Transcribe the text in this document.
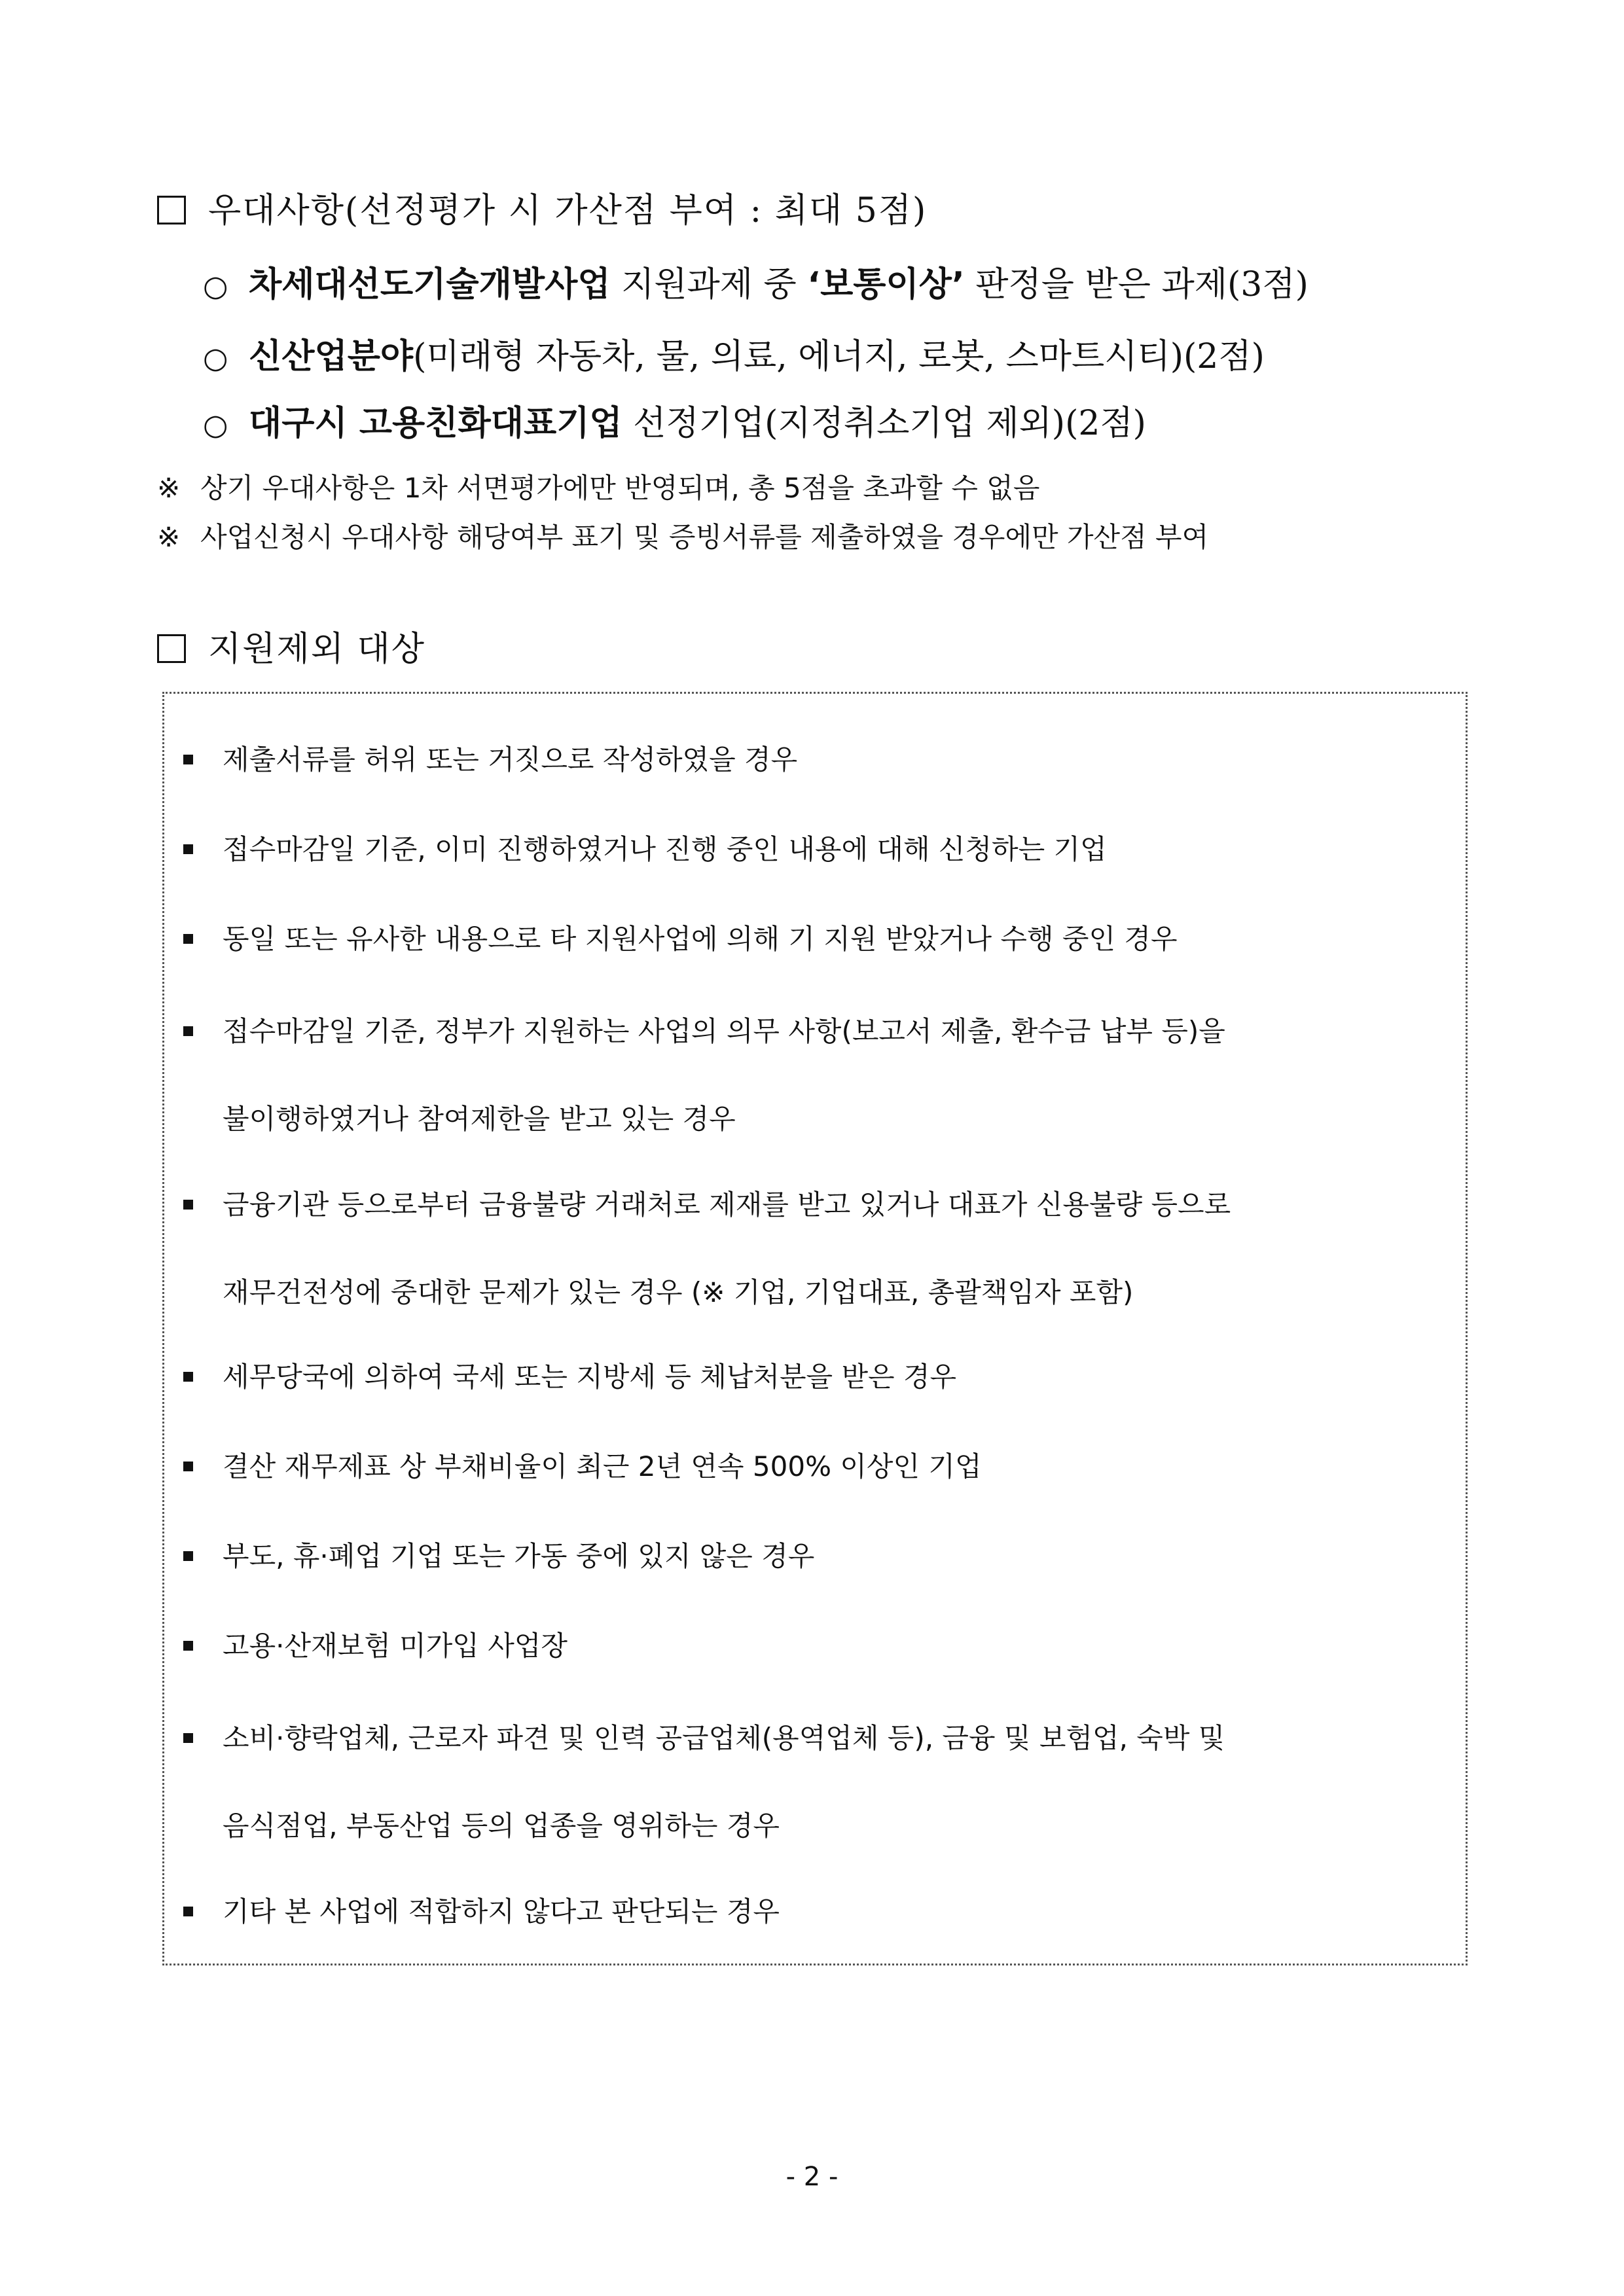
우대사항(선정평가 시 가산점 부여 : 최대 5점)
○ 차세대선도기술개발사업 지원과제 중 ‘보통이상’ 판정을 받은 과제(3점)
○ 신산업분야(미래형 자동차, 물, 의료, 에너지, 로봇, 스마트시티)(2점)
○ 대구시 고용친화대표기업 선정기업(지정취소기업 제외)(2점)
※ 상기 우대사항은 1차 서면평가에만 반영되며, 총 5점을 초과할 수 없음
※ 사업신청시 우대사항 해당여부 표기 및 증빙서류를 제출하였을 경우에만 가산점 부여
지원제외 대상
제출서류를 허위 또는 거짓으로 작성하였을 경우
접수마감일 기준, 이미 진행하였거나 진행 중인 내용에 대해 신청하는 기업
동일 또는 유사한 내용으로 타 지원사업에 의해 기 지원 받았거나 수행 중인 경우
접수마감일 기준, 정부가 지원하는 사업의 의무 사항(보고서 제출, 환수금 납부 등)을
불이행하였거나 참여제한을 받고 있는 경우
금융기관 등으로부터 금융불량 거래처로 제재를 받고 있거나 대표가 신용불량 등으로
재무건전성에 중대한 문제가 있는 경우 (※ 기업, 기업대표, 총괄책임자 포함)
세무당국에 의하여 국세 또는 지방세 등 체납처분을 받은 경우
결산 재무제표 상 부채비율이 최근 2년 연속 500% 이상인 기업
부도, 휴·폐업 기업 또는 가동 중에 있지 않은 경우
고용·산재보험 미가입 사업장
소비·향락업체, 근로자 파견 및 인력 공급업체(용역업체 등), 금융 및 보험업, 숙박 및
음식점업, 부동산업 등의 업종을 영위하는 경우
기타 본 사업에 적합하지 않다고 판단되는 경우
- 2 -
